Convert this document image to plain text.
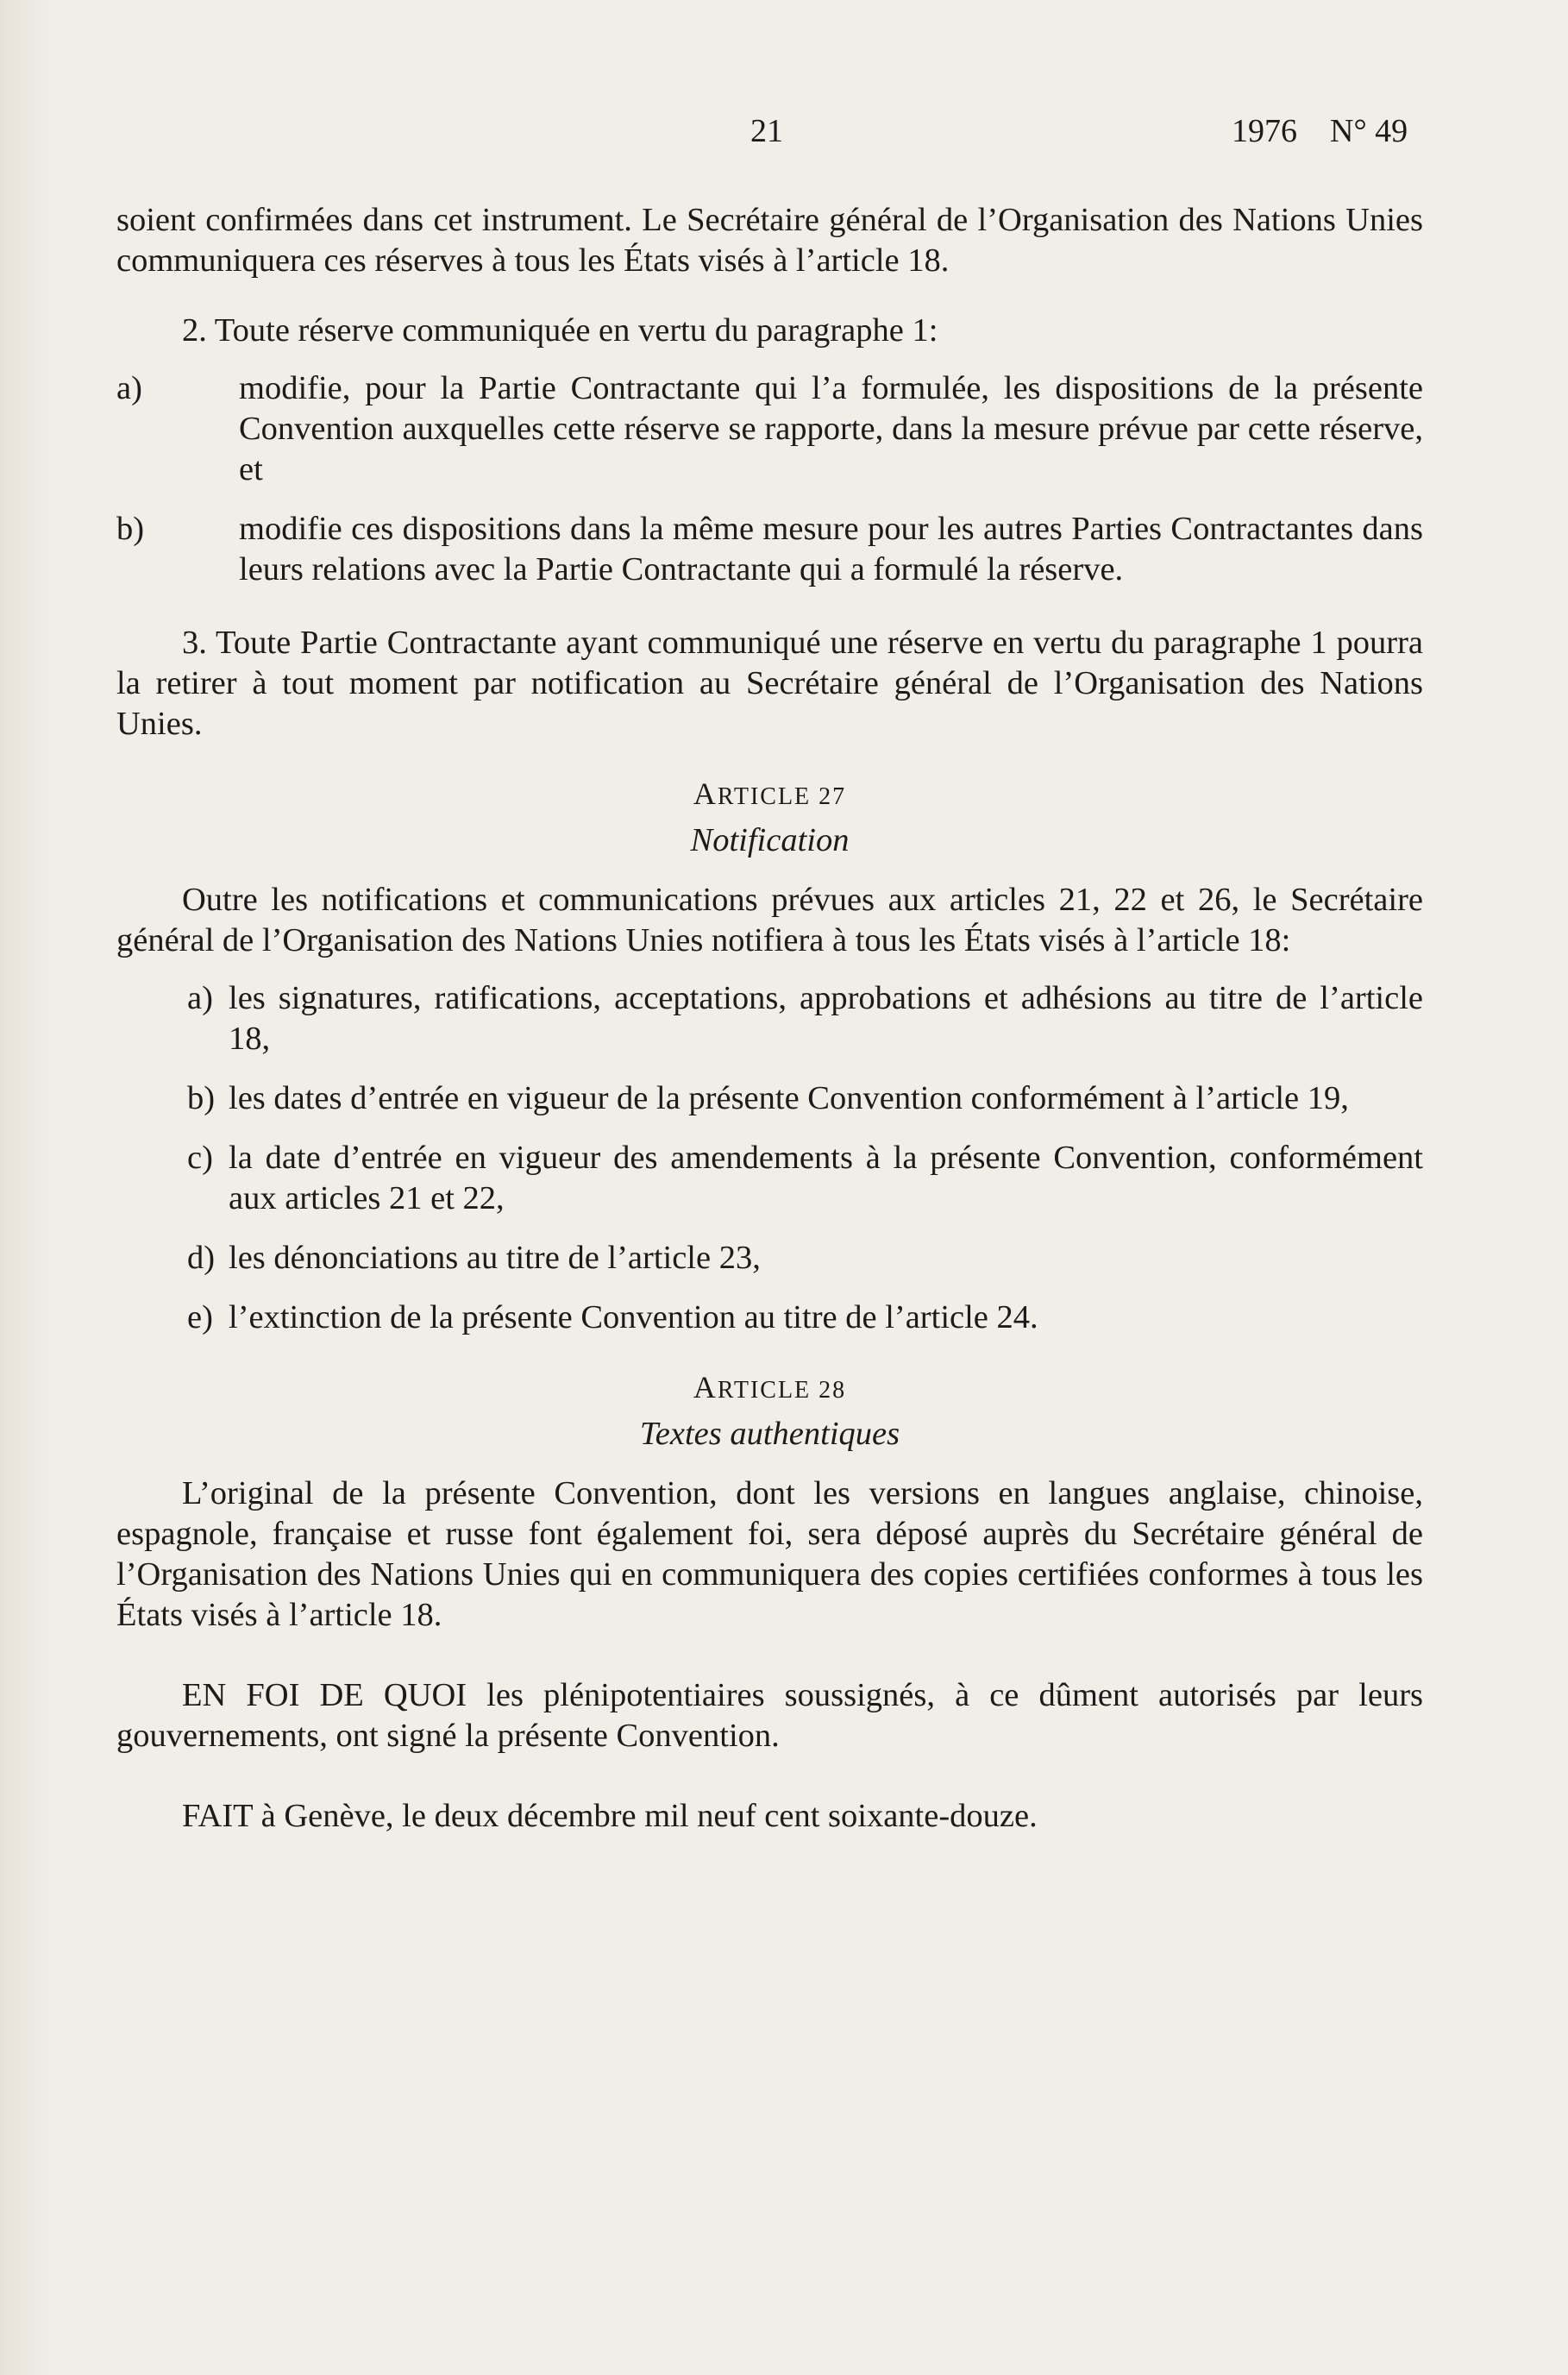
21	1976    N° 49

soient confirmées dans cet instrument. Le Secrétaire général de l’Organisation des Nations Unies communiquera ces réserves à tous les États visés à l’article 18.

2. Toute réserve communiquée en vertu du paragraphe 1:

a)	modifie, pour la Partie Contractante qui l’a formulée, les dispositions de la présente Convention auxquelles cette réserve se rapporte, dans la mesure prévue par cette réserve, et
b)	modifie ces dispositions dans la même mesure pour les autres Parties Contractantes dans leurs relations avec la Partie Contractante qui a formulé la réserve.

3. Toute Partie Contractante ayant communiqué une réserve en vertu du paragraphe 1 pourra la retirer à tout moment par notification au Secrétaire général de l’Organisation des Nations Unies.

ARTICLE 27
Notification

Outre les notifications et communications prévues aux articles 21, 22 et 26, le Secrétaire général de l’Organisation des Nations Unies notifiera à tous les États visés à l’article 18:

a) les signatures, ratifications, acceptations, approbations et adhésions au titre de l’article 18,
b) les dates d’entrée en vigueur de la présente Convention conformément à l’article 19,
c) la date d’entrée en vigueur des amendements à la présente Convention, conformément aux articles 21 et 22,
d) les dénonciations au titre de l’article 23,
e) l’extinction de la présente Convention au titre de l’article 24.
ARTICLE 28
Textes authentiques

L’original de la présente Convention, dont les versions en langues anglaise, chinoise, espagnole, française et russe font également foi, sera déposé auprès du Secrétaire général de l’Organisation des Nations Unies qui en communiquera des copies certifiées conformes à tous les États visés à l’article 18.

EN FOI DE QUOI les plénipotentiaires soussignés, à ce dûment autorisés par leurs gouvernements, ont signé la présente Convention.

FAIT à Genève, le deux décembre mil neuf cent soixante-douze.
